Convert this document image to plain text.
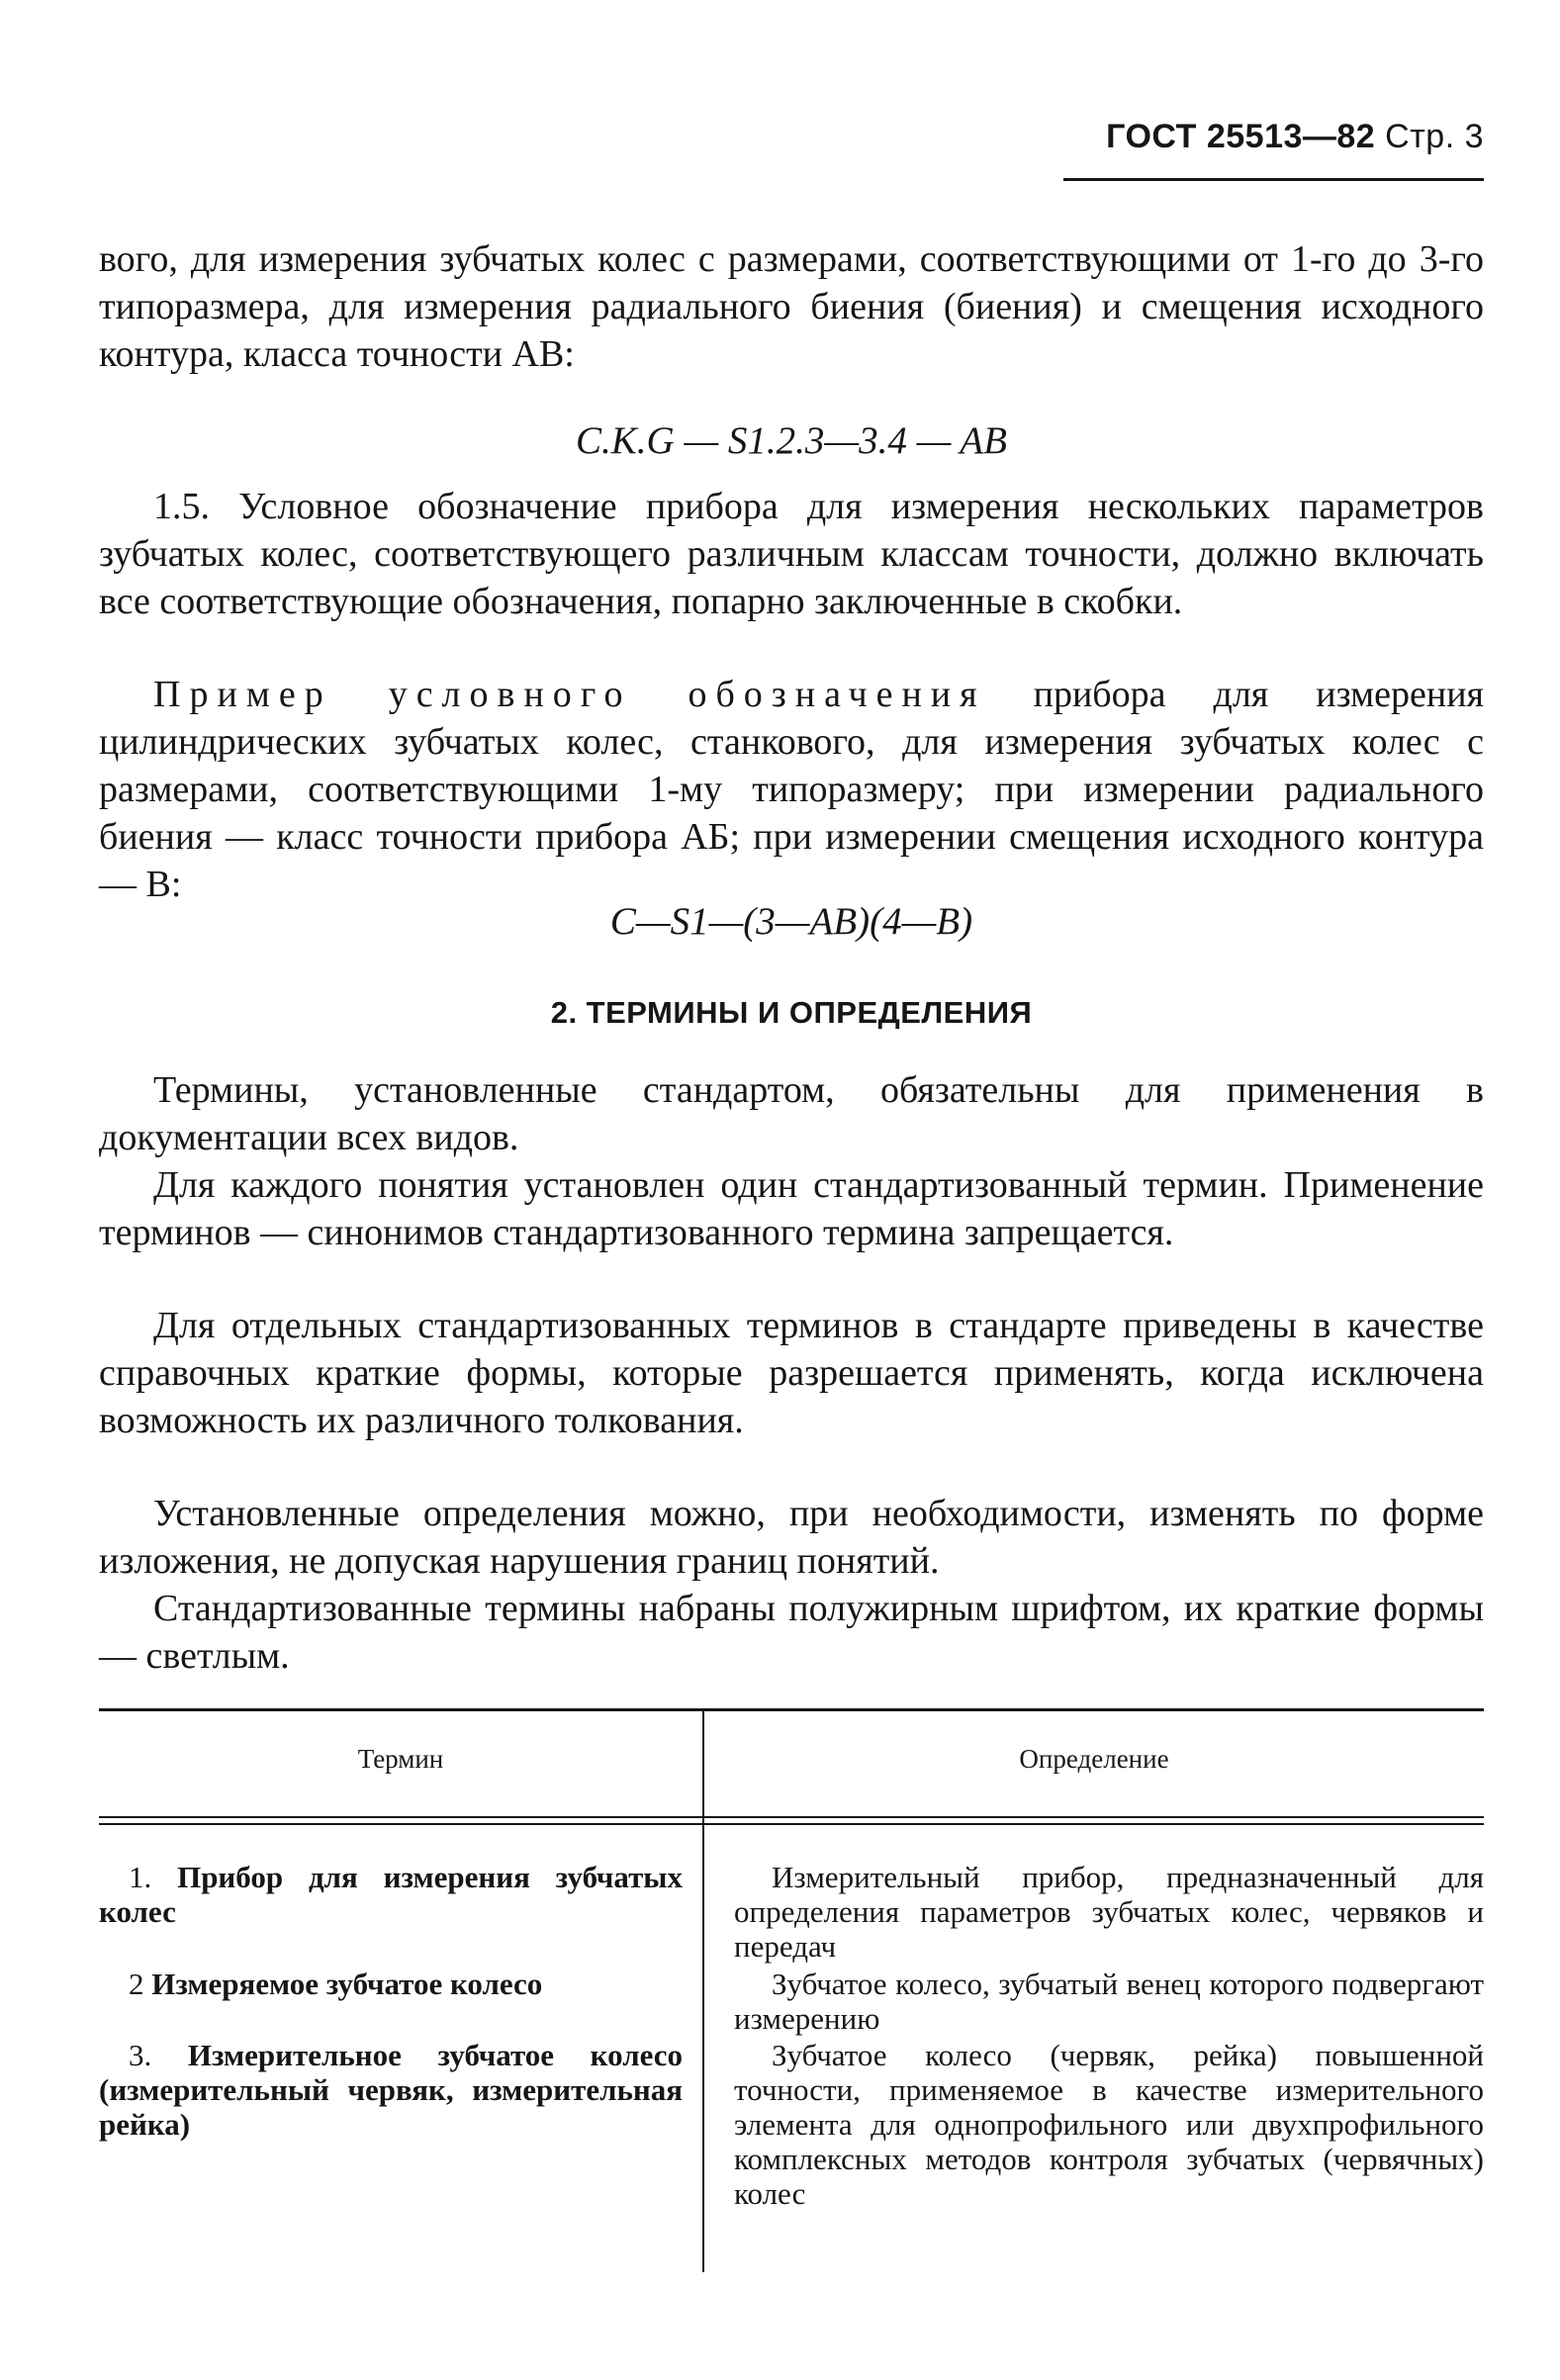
ГОСТ 25513—82 Стр. 3

вого, для измерения зубчатых колес с размерами, соответствующими от 1-го до 3-го типоразмера, для измерения радиального биения (биения) и смещения исходного контура, класса точности АВ:

C.K.G — S1.2.3—3.4 — AB

1.5. Условное обозначение прибора для измерения нескольких параметров зубчатых колес, соответствующего различным классам точности, должно включать все соответствующие обозначения, попарно заключенные в скобки.

Пример условного обозначения прибора для измерения цилиндрических зубчатых колес, станкового, для измерения зубчатых колес с размерами, соответствующими 1-му типоразмеру; при измерении радиального биения — класс точности прибора АБ; при измерении смещения исходного контура — В:

C—S1—(3—AB)(4—B)

2. ТЕРМИНЫ И ОПРЕДЕЛЕНИЯ

Термины, установленные стандартом, обязательны для применения в документации всех видов.

Для каждого понятия установлен один стандартизованный термин. Применение терминов — синонимов стандартизованного термина запрещается.

Для отдельных стандартизованных терминов в стандарте приведены в качестве справочных краткие формы, которые разрешается применять, когда исключена возможность их различного толкования.

Установленные определения можно, при необходимости, изменять по форме изложения, не допуская нарушения границ понятий.

Стандартизованные термины набраны полужирным шрифтом, их краткие формы — светлым.

Термин	Определение

1. Прибор для измерения зубчатых колес

Измерительный прибор, предназначенный для определения параметров зубчатых колес, червяков и передач

2 Измеряемое зубчатое колесо	Зубчатое колесо, зубчатый венец которого подвергают измерению

3. Измерительное зубчатое колесо (измерительный червяк, измерительная рейка)

Зубчатое колесо (червяк, рейка) повышенной точности, применяемое в качестве измерительного элемента для однопрофильного или двухпрофильного комплексных методов контроля зубчатых (червячных) колес
